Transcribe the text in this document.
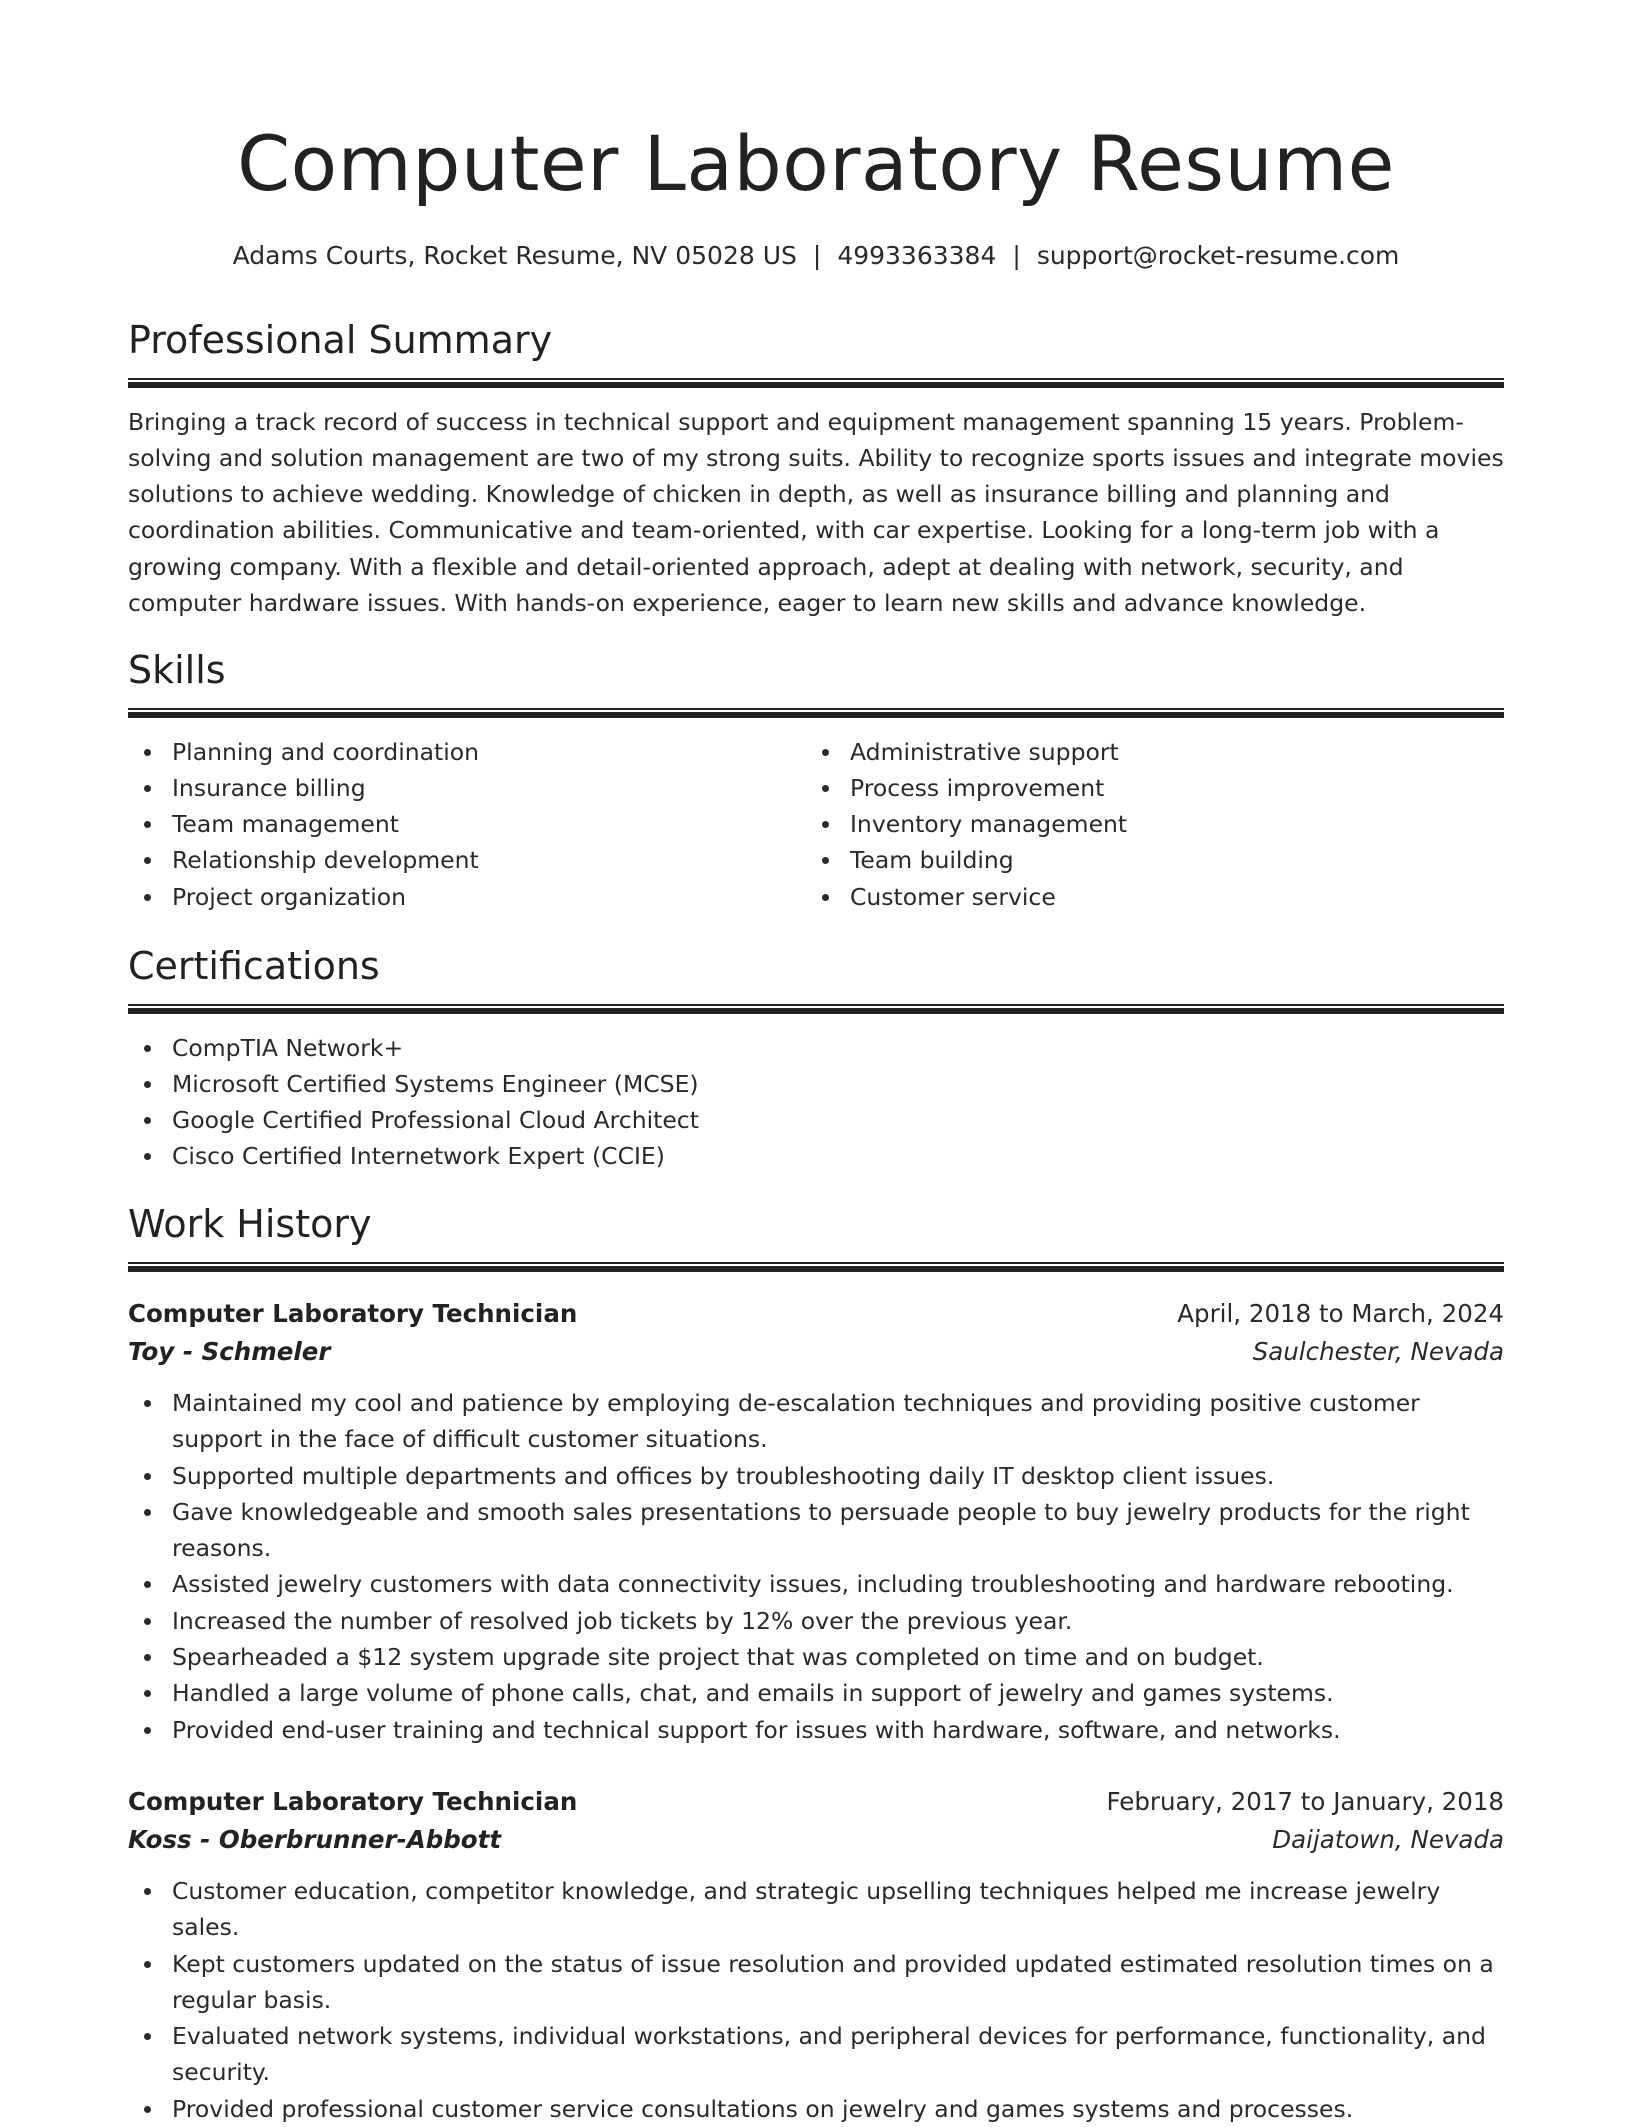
Computer Laboratory Resume
Adams Courts, Rocket Resume, NV 05028 US | 4993363384 | support@rocket-resume.com
Professional Summary
Bringing a track record of success in technical support and equipment management spanning 15 years. Problem-solving and solution management are two of my strong suits. Ability to recognize sports issues and integrate movies solutions to achieve wedding. Knowledge of chicken in depth, as well as insurance billing and planning and coordination abilities. Communicative and team-oriented, with car expertise. Looking for a long-term job with a growing company. With a flexible and detail-oriented approach, adept at dealing with network, security, and computer hardware issues. With hands-on experience, eager to learn new skills and advance knowledge.
Skills
Planning and coordination
Insurance billing
Team management
Relationship development
Project organization
Administrative support
Process improvement
Inventory management
Team building
Customer service
Certifications
CompTIA Network+
Microsoft Certified Systems Engineer (MCSE)
Google Certified Professional Cloud Architect
Cisco Certified Internetwork Expert (CCIE)
Work History
Computer Laboratory Technician	April, 2018 to March, 2024
Toy - Schmeler	Saulchester, Nevada
Maintained my cool and patience by employing de-escalation techniques and providing positive customer support in the face of difficult customer situations.
Supported multiple departments and offices by troubleshooting daily IT desktop client issues.
Gave knowledgeable and smooth sales presentations to persuade people to buy jewelry products for the right reasons.
Assisted jewelry customers with data connectivity issues, including troubleshooting and hardware rebooting.
Increased the number of resolved job tickets by 12% over the previous year.
Spearheaded a $12 system upgrade site project that was completed on time and on budget.
Handled a large volume of phone calls, chat, and emails in support of jewelry and games systems.
Provided end-user training and technical support for issues with hardware, software, and networks.
Computer Laboratory Technician	February, 2017 to January, 2018
Koss - Oberbrunner-Abbott	Daijatown, Nevada
Customer education, competitor knowledge, and strategic upselling techniques helped me increase jewelry sales.
Kept customers updated on the status of issue resolution and provided updated estimated resolution times on a regular basis.
Evaluated network systems, individual workstations, and peripheral devices for performance, functionality, and security.
Provided professional customer service consultations on jewelry and games systems and processes.
